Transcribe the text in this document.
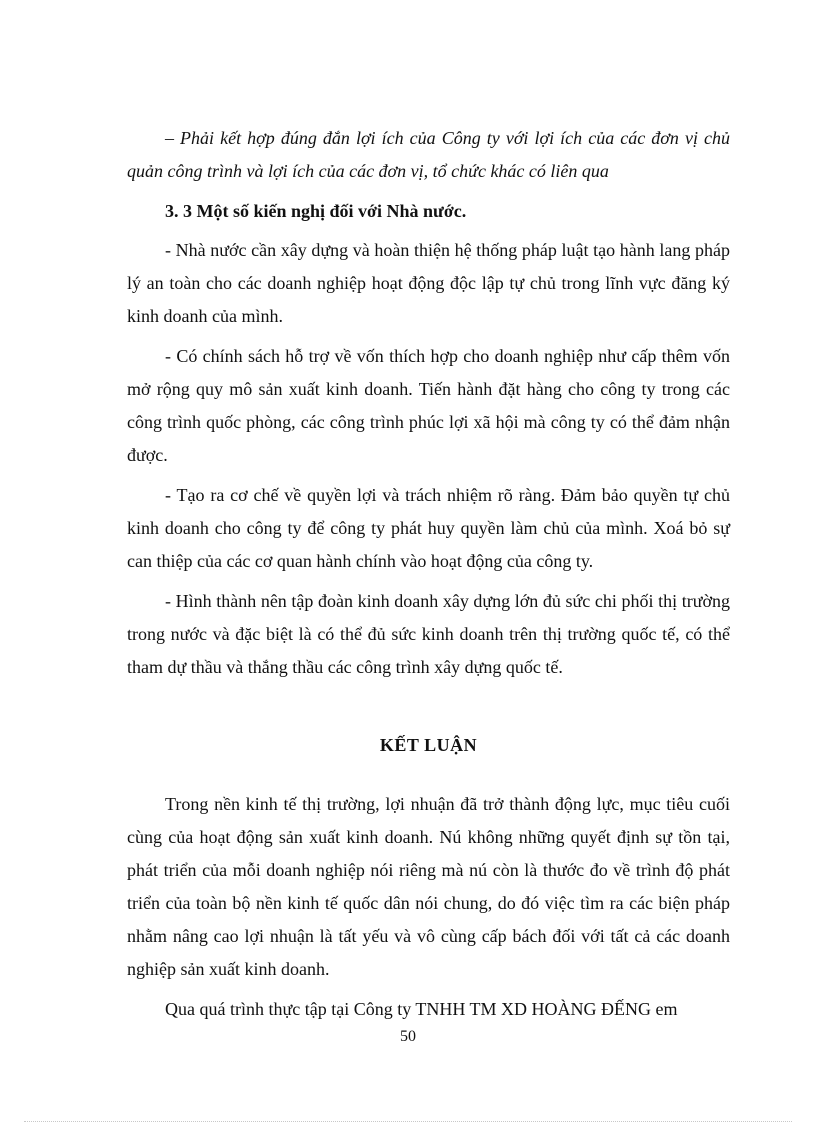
– Phải kết hợp đúng đắn lợi ích của Công ty với lợi ích của các đơn vị chủ quản công trình và lợi ích của các đơn vị, tổ chức khác có liên qua

3. 3 Một số kiến nghị đối với Nhà nước.

- Nhà nước cần xây dựng và hoàn thiện hệ thống pháp luật tạo hành lang pháp lý an toàn cho các doanh nghiệp hoạt động độc lập tự chủ trong lĩnh vực đăng ký kinh doanh của mình.

- Có chính sách hỗ trợ về vốn thích hợp cho doanh nghiệp như cấp thêm vốn mở rộng quy mô sản xuất kinh doanh. Tiến hành đặt hàng cho công ty trong các công trình quốc phòng, các công trình phúc lợi xã hội mà công ty có thể đảm nhận được.

- Tạo ra cơ chế về quyền lợi và trách nhiệm rõ ràng. Đảm bảo quyền tự chủ kinh doanh cho công ty để công ty phát huy quyền làm chủ của mình. Xoá bỏ sự can thiệp của các cơ quan hành chính vào hoạt động của công ty.

- Hình thành nên tập đoàn kinh doanh xây dựng lớn đủ sức chi phối thị trường trong nước và đặc biệt là có thể đủ sức kinh doanh trên thị trường quốc tế, có thể tham dự thầu và thắng thầu các công trình xây dựng quốc tế.

KẾT LUẬN

Trong nền kinh tế thị trường, lợi nhuận đã trở thành động lực, mục tiêu cuối cùng của hoạt động sản xuất kinh doanh. Nú không những quyết định sự tồn tại, phát triển của mỗi doanh nghiệp nói riêng mà nú còn là thước đo về trình độ phát triển của toàn bộ nền kinh tế quốc dân nói chung, do đó việc tìm ra các biện pháp nhằm nâng cao lợi nhuận là tất yếu và vô cùng cấp bách đối với tất cả các doanh nghiệp sản xuất kinh doanh.

Qua quá trình thực tập tại Công ty TNHH TM XD HOÀNG ĐẾNG em

50
